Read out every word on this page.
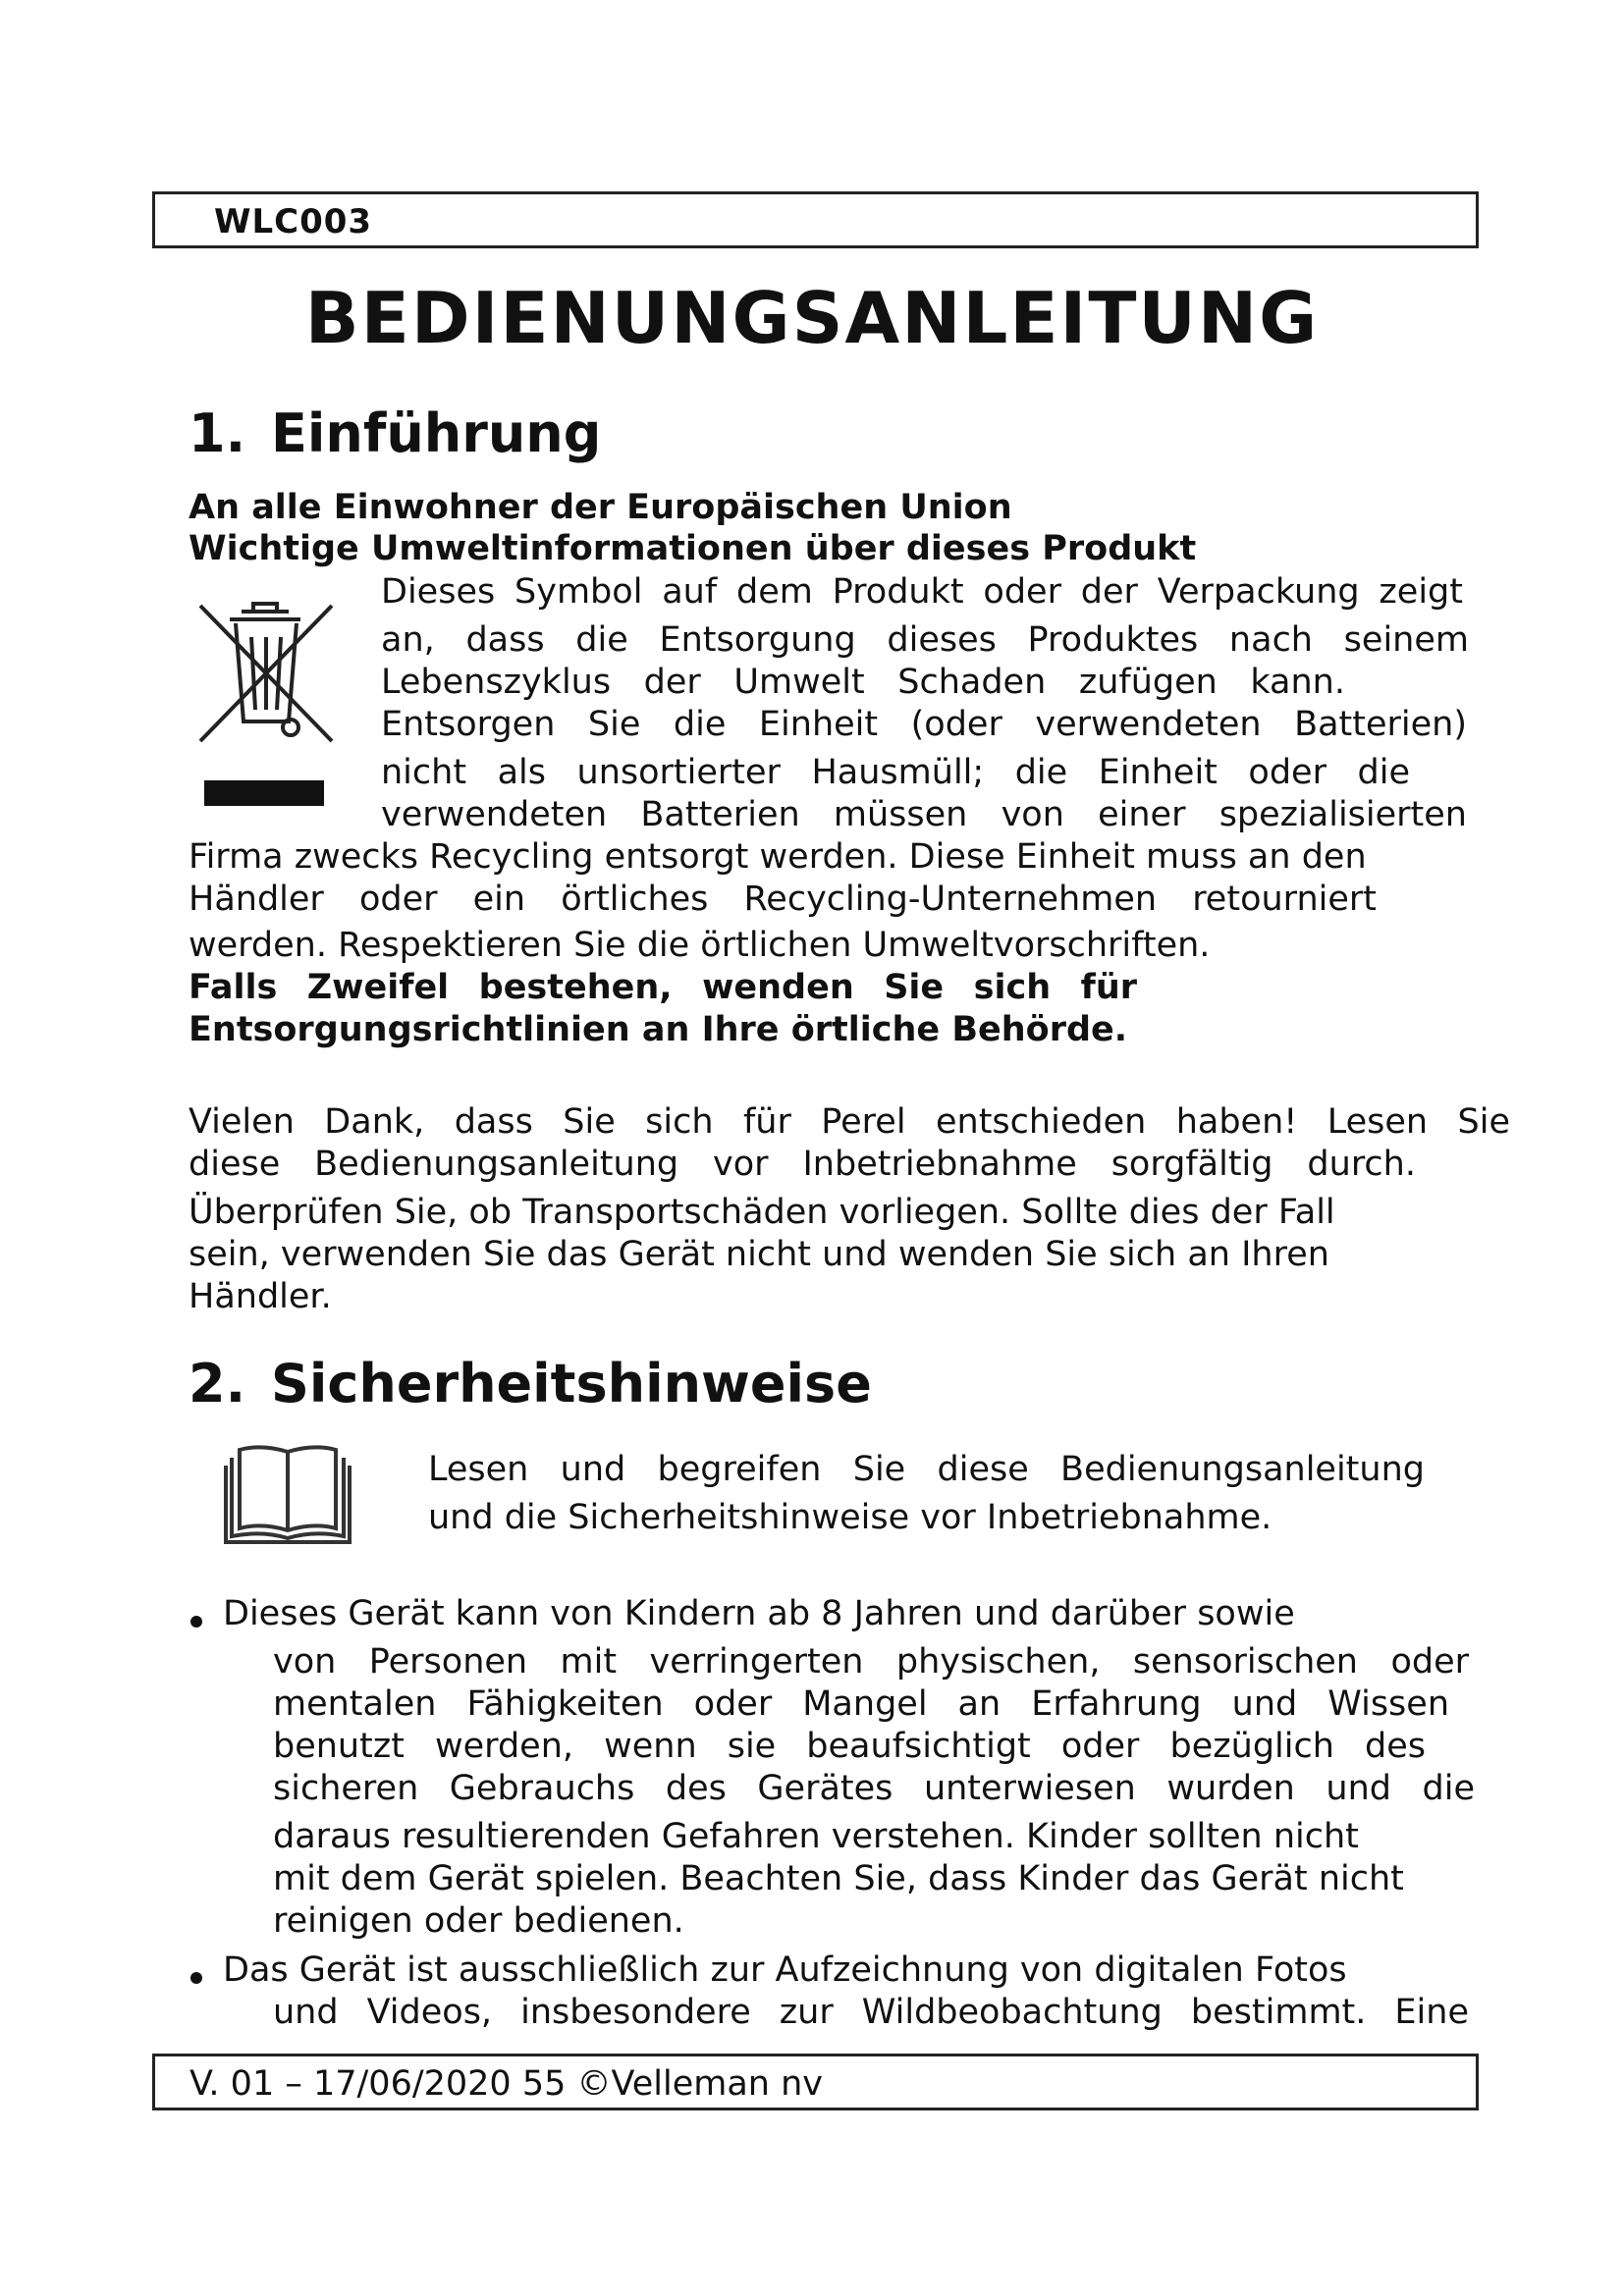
WLC003
BEDIENUNGSANLEITUNG
1. Einführung
An alle Einwohner der Europäischen Union
Wichtige Umweltinformationen über dieses Produkt
Dieses Symbol auf dem Produkt oder der Verpackung zeigt
an, dass die Entsorgung dieses Produktes nach seinem
Lebenszyklus der Umwelt Schaden zufügen kann.
Entsorgen Sie die Einheit (oder verwendeten Batterien)
nicht als unsortierter Hausmüll; die Einheit oder die
verwendeten Batterien müssen von einer spezialisierten
Firma zwecks Recycling entsorgt werden. Diese Einheit muss an den
Händler oder ein örtliches Recycling-Unternehmen retourniert
werden. Respektieren Sie die örtlichen Umweltvorschriften.
Falls Zweifel bestehen, wenden Sie sich für
Entsorgungsrichtlinien an Ihre örtliche Behörde.
Vielen Dank, dass Sie sich für Perel entschieden haben! Lesen Sie
diese Bedienungsanleitung vor Inbetriebnahme sorgfältig durch.
Überprüfen Sie, ob Transportschäden vorliegen. Sollte dies der Fall
sein, verwenden Sie das Gerät nicht und wenden Sie sich an Ihren
Händler.
2. Sicherheitshinweise
Lesen und begreifen Sie diese Bedienungsanleitung
und die Sicherheitshinweise vor Inbetriebnahme.
Dieses Gerät kann von Kindern ab 8 Jahren und darüber sowie
von Personen mit verringerten physischen, sensorischen oder
mentalen Fähigkeiten oder Mangel an Erfahrung und Wissen
benutzt werden, wenn sie beaufsichtigt oder bezüglich des
sicheren Gebrauchs des Gerätes unterwiesen wurden und die
daraus resultierenden Gefahren verstehen. Kinder sollten nicht
mit dem Gerät spielen. Beachten Sie, dass Kinder das Gerät nicht
reinigen oder bedienen.
Das Gerät ist ausschließlich zur Aufzeichnung von digitalen Fotos
und Videos, insbesondere zur Wildbeobachtung bestimmt. Eine
V. 01 – 17/06/2020 55 ©Velleman nv
